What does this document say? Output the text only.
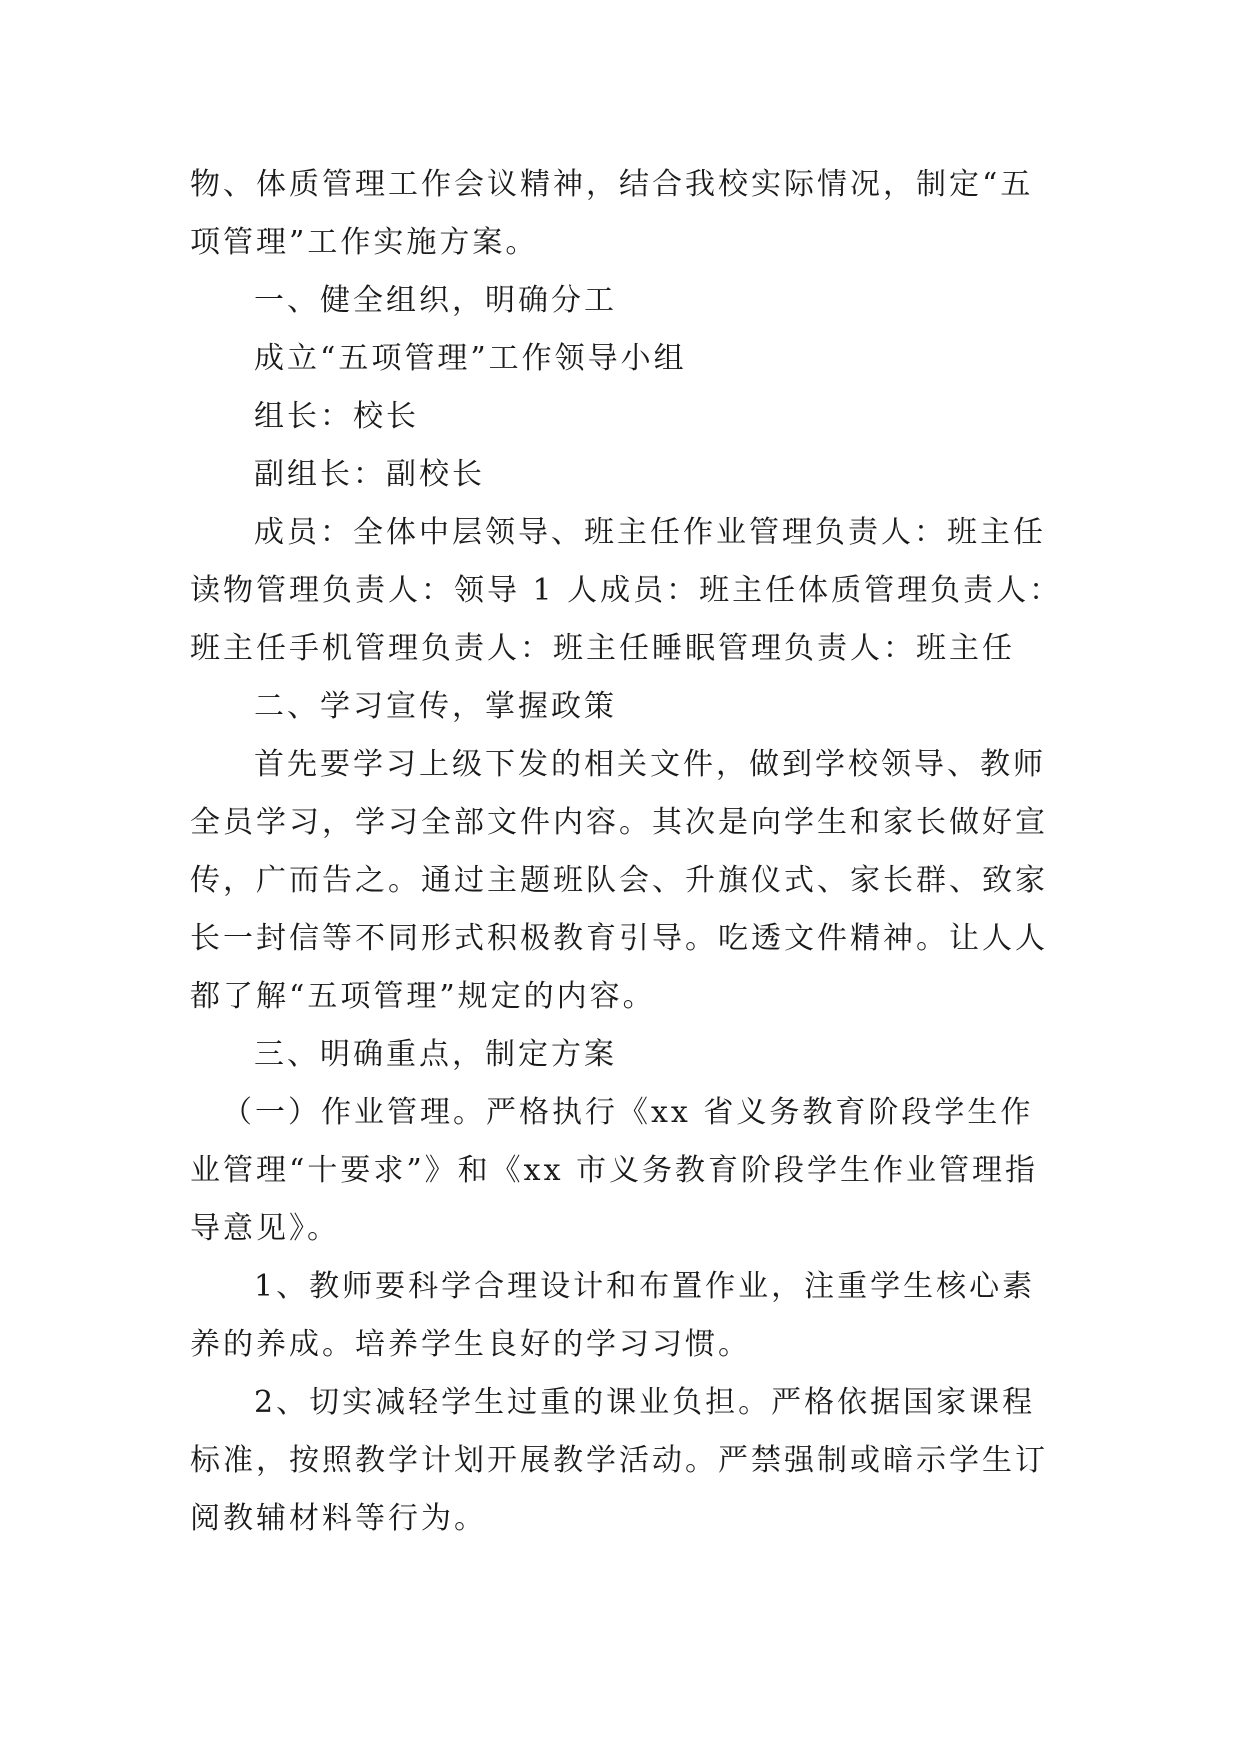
物、体质管理工作会议精神，结合我校实际情况，制定“五
项管理”工作实施方案。
一、健全组织，明确分工
成立“五项管理”工作领导小组
组长：校长
副组长：副校长
成员：全体中层领导、班主任作业管理负责人：班主任
读物管理负责人：领导 1 人成员：班主任体质管理负责人：
班主任手机管理负责人：班主任睡眠管理负责人：班主任
二、学习宣传，掌握政策
首先要学习上级下发的相关文件，做到学校领导、教师
全员学习，学习全部文件内容。其次是向学生和家长做好宣
传，广而告之。通过主题班队会、升旗仪式、家长群、致家
长一封信等不同形式积极教育引导。吃透文件精神。让人人
都了解“五项管理”规定的内容。
三、明确重点，制定方案
（一）作业管理。严格执行《xx 省义务教育阶段学生作
业管理“十要求”》和《xx 市义务教育阶段学生作业管理指
导意见》。
1、教师要科学合理设计和布置作业，注重学生核心素
养的养成。培养学生良好的学习习惯。
2、切实减轻学生过重的课业负担。严格依据国家课程
标准，按照教学计划开展教学活动。严禁强制或暗示学生订
阅教辅材料等行为。
